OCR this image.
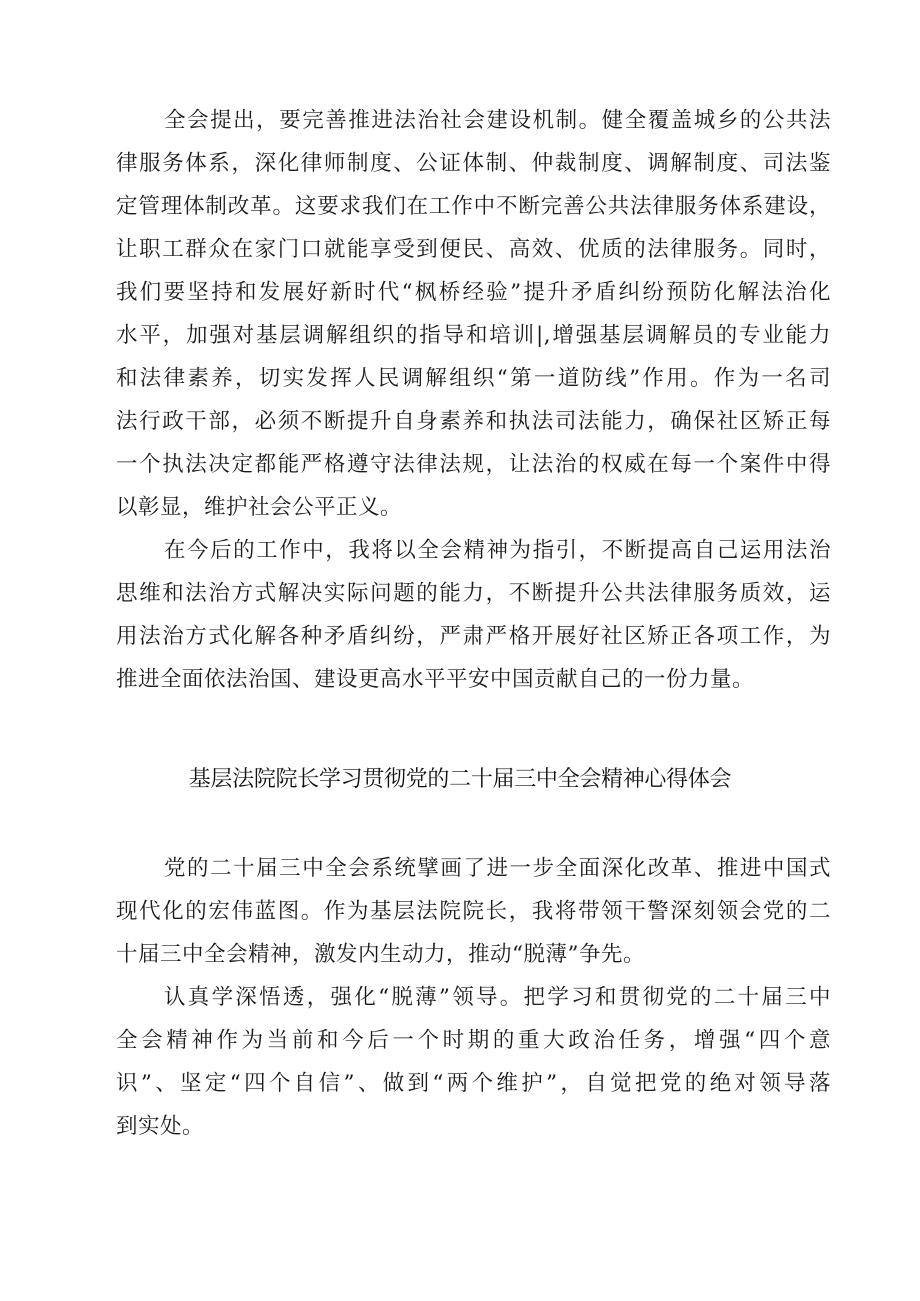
全会提出，要完善推进法治社会建设机制。健全覆盖城乡的公共法
律服务体系，深化律师制度、公证体制、仲裁制度、调解制度、司法鉴
定管理体制改革。这要求我们在工作中不断完善公共法律服务体系建设，
让职工群众在家门口就能享受到便民、高效、优质的法律服务。同时，
我们要坚持和发展好新时代“枫桥经验”提升矛盾纠纷预防化解法治化
水平，加强对基层调解组织的指导和培训|,增强基层调解员的专业能力
和法律素养，切实发挥人民调解组织“第一道防线”作用。作为一名司
法行政干部，必须不断提升自身素养和执法司法能力，确保社区矫正每
一个执法决定都能严格遵守法律法规，让法治的权威在每一个案件中得
以彰显，维护社会公平正义。
在今后的工作中，我将以全会精神为指引，不断提高自己运用法治
思维和法治方式解决实际问题的能力，不断提升公共法律服务质效，运
用法治方式化解各种矛盾纠纷，严肃严格开展好社区矫正各项工作，为
推进全面依法治国、建设更高水平平安中国贡献自己的一份力量。
基层法院院长学习贯彻党的二十届三中全会精神心得体会
党的二十届三中全会系统擘画了进一步全面深化改革、推进中国式
现代化的宏伟蓝图。作为基层法院院长，我将带领干警深刻领会党的二
十届三中全会精神，激发内生动力，推动“脱薄”争先。
认真学深悟透，强化“脱薄”领导。把学习和贯彻党的二十届三中
全会精神作为当前和今后一个时期的重大政治任务，增强“四个意
识”、坚定“四个自信”、做到“两个维护”，自觉把党的绝对领导落
到实处。
